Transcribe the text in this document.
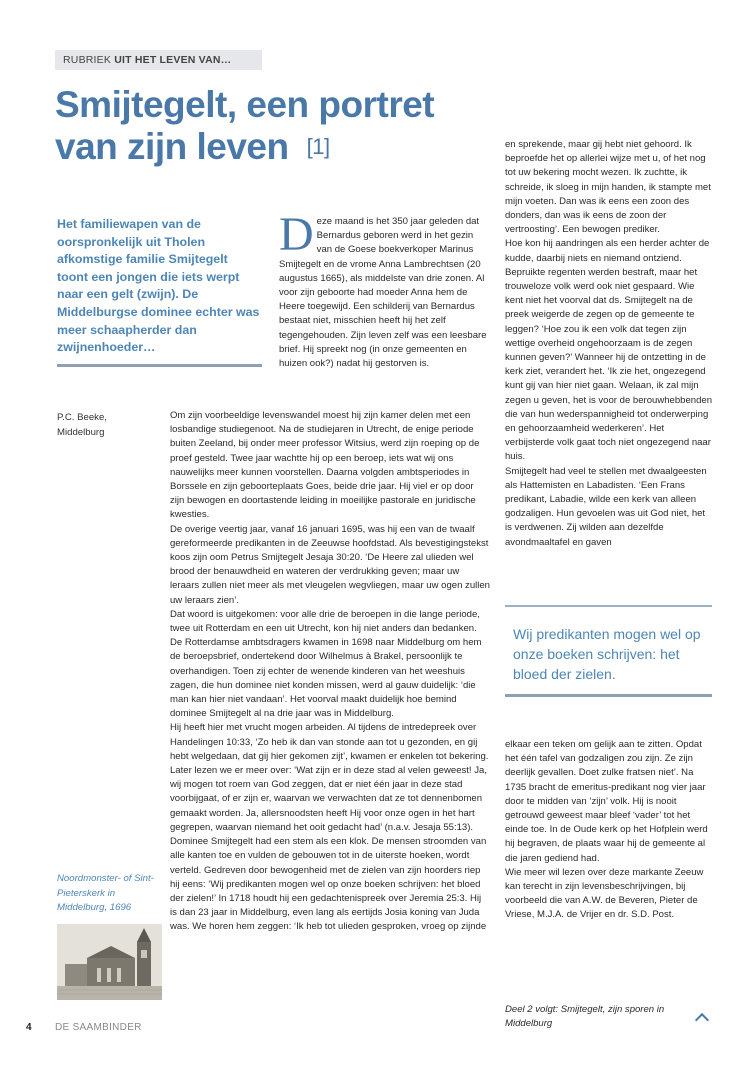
RUBRIEK UIT HET LEVEN VAN…
Smijtegelt, een portret van zijn leven [1]
Het familiewapen van de oorspronkelijk uit Tholen afkomstige familie Smijtegelt toont een jongen die iets werpt naar een gelt (zwijn). De Middelburgse dominee echter was meer schaapherder dan zwijnenhoeder…
P.C. Beeke,
Middelburg
D eze maand is het 350 jaar geleden dat Bernardus geboren werd in het gezin van de Goese boekverkoper Marinus Smijtegelt en de vrome Anna Lambrechtsen (20 augustus 1665), als middelste van drie zonen. Al voor zijn geboorte had moeder Anna hem de Heere toegewijd. Een schilderij van Bernardus bestaat niet, misschien heeft hij het zelf tegengehouden. Zijn leven zelf was een leesbare brief. Hij spreekt nog (in onze gemeenten en huizen ook?) nadat hij gestorven is.

Om zijn voorbeeldige levenswandel moest hij zijn kamer delen met een losbandige studiegenoot. Na de studiejaren in Utrecht, de enige periode buiten Zeeland, bij onder meer professor Witsius, werd zijn roeping op de proef gesteld. Twee jaar wachtte hij op een beroep, iets wat wij ons nauwelijks meer kunnen voorstellen. Daarna volgden ambtsperiodes in Borssele en zijn geboorteplaats Goes, beide drie jaar. Hij viel er op door zijn bewogen en doortastende leiding in moeilijke pastorale en juridische kwesties.

De overige veertig jaar, vanaf 16 januari 1695, was hij een van de twaalf gereformeerde predikanten in de Zeeuwse hoofdstad. Als bevestigingstekst koos zijn oom Petrus Smijtegelt Jesaja 30:20. ‘De Heere zal ulieden wel brood der benauwdheid en wateren der verdrukking geven; maar uw leraars zullen niet meer als met vleugelen wegvliegen, maar uw ogen zullen uw leraars zien’.

Dat woord is uitgekomen: voor alle drie de beroepen in die lange periode, twee uit Rotterdam en een uit Utrecht, kon hij niet anders dan bedanken. De Rotterdamse ambtsdragers kwamen in 1698 naar Middelburg om hem de beroepsbrief, ondertekend door Wilhelmus à Brakel, persoonlijk te overhandigen. Toen zij echter de wenende kinderen van het weeshuis zagen, die hun dominee niet konden missen, werd al gauw duidelijk: ‘die man kan hier niet vandaan’. Het voorval maakt duidelijk hoe bemind dominee Smijtegelt al na drie jaar was in Middelburg.

Hij heeft hier met vrucht mogen arbeiden. Al tijdens de intredepreek over Handelingen 10:33, ‘Zo heb ik dan van stonde aan tot u gezonden, en gij hebt welgedaan, dat gij hier gekomen zijt’, kwamen er enkelen tot bekering. Later lezen we er meer over: ‘Wat zijn er in deze stad al velen geweest! Ja, wij mogen tot roem van God zeggen, dat er niet één jaar in deze stad voorbijgaat, of er zijn er, waarvan we verwachten dat ze tot dennenbomen gemaakt worden. Ja, allersnoodsten heeft Hij voor onze ogen in het hart gegrepen, waarvan niemand het ooit gedacht had’ (n.a.v. Jesaja 55:13).

Dominee Smijtegelt had een stem als een klok. De mensen stroomden van alle kanten toe en vulden de gebouwen tot in de uiterste hoeken, wordt verteld. Gedreven door bewogenheid met de zielen van zijn hoorders riep hij eens: ‘Wij predikanten mogen wel op onze boeken schrijven: het bloed der zielen!’ In 1718 houdt hij een gedachtenispreek over Jeremia 25:3. Hij is dan 23 jaar in Middelburg, even lang als eertijds Josia koning van Juda was. We horen hem zeggen: ‘Ik heb tot ulieden gesproken, vroeg op zijnde

en sprekende, maar gij hebt niet gehoord. Ik beproefde het op allerlei wijze met u, of het nog tot uw bekering mocht wezen. Ik zuchtte, ik schreide, ik sloeg in mijn handen, ik stampte met mijn voeten. Dan was ik eens een zoon des donders, dan was ik eens de zoon der vertroosting’. Een bewogen prediker.

Hoe kon hij aandringen als een herder achter de kudde, daarbij niets en niemand ontziend. Bepruikte regenten werden bestraft, maar het trouweloze volk werd ook niet gespaard. Wie kent niet het voorval dat ds. Smijtegelt na de preek weigerde de zegen op de gemeente te leggen? ‘Hoe zou ik een volk dat tegen zijn wettige overheid ongehoorzaam is de zegen kunnen geven?’ Wanneer hij de ontzetting in de kerk ziet, verandert het. ‘Ik zie het, ongezegend kunt gij van hier niet gaan. Welaan, ik zal mijn zegen u geven, het is voor de berouwhebbenden die van hun wederspannigheid tot onderwerping en gehoorzaamheid wederkeren’. Het verbijsterde volk gaat toch niet ongezegend naar huis.

Smijtegelt had veel te stellen met dwaalgeesten als Hattemisten en Labadisten. ‘Een Frans predikant, Labadie, wilde een kerk van alleen godzaligen. Hun gevoelen was uit God niet, het is verdwenen. Zij wilden aan dezelfde avondmaaltafel en gaven

Wij predikanten mogen wel op onze boeken schrijven: het bloed der zielen.

elkaar een teken om gelijk aan te zitten. Opdat het één tafel van godzaligen zou zijn. Ze zijn deerlijk gevallen. Doet zulke fratsen niet’. Na 1735 bracht de emeritus-predikant nog vier jaar door te midden van ‘zijn’ volk. Hij is nooit getrouwd geweest maar bleef ‘vader’ tot het einde toe. In de Oude kerk op het Hofplein werd hij begraven, de plaats waar hij de gemeente al die jaren gediend had.

Wie meer wil lezen over deze markante Zeeuw kan terecht in zijn levensbeschrijvingen, bij voorbeeld die van A.W. de Beveren, Pieter de Vriese, M.J.A. de Vrijer en dr. S.D. Post.

Deel 2 volgt: Smijtegelt, zijn sporen in Middelburg
Noordmonster- of Sint-Pieterskerk in Middelburg, 1696
4 DE SAAMBINDER
